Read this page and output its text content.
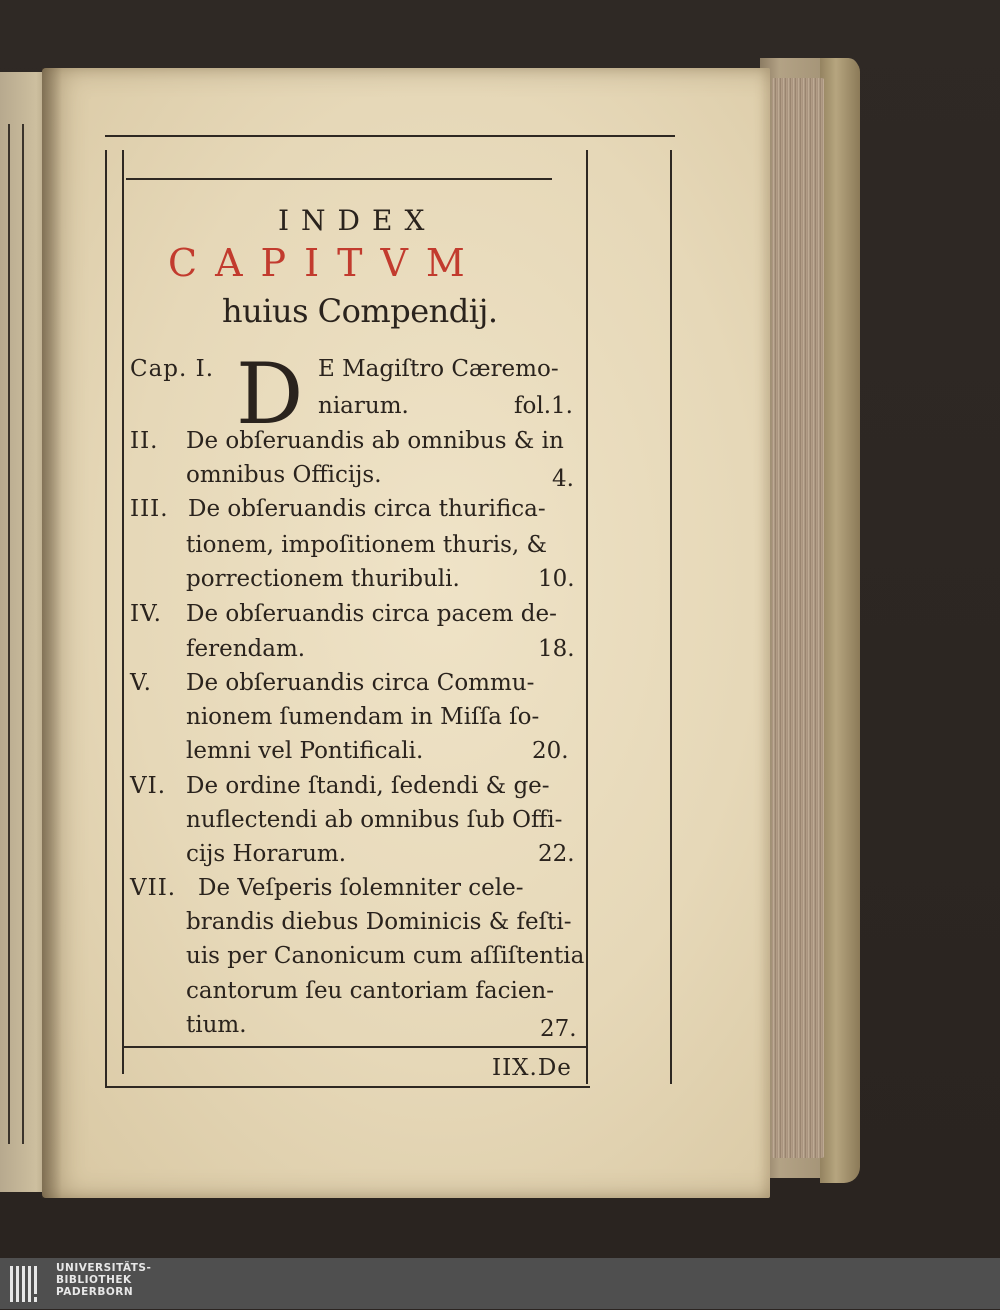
INDEX
CAPITVM
huius Compendij.
Cap. I. D E Magiſtro Cæremo-
niarum.	fol.1.
II. De obſeruandis ab omnibus & in
omnibus Officijs.	4.
III. De obſeruandis circa thurifica-
tionem, impoſitionem thuris, &
porrectionem thuribuli.	10.
IV. De obſeruandis circa pacem de-
ferendam.	18.
V. De obſeruandis circa Commu-
nionem ſumendam in Miſſa ſo-
lemni vel Pontificali.	20.
VI. De ordine ſtandi, ſedendi & ge-
nuflectendi ab omnibus ſub Offi-
cijs Horarum.	22.
VII. De Veſperis ſolemniter cele-
brandis diebus Dominicis & feſti-
uis per Canonicum cum aſſiſtentia
cantorum ſeu cantoriam facien-
tium.	27.
IIX.De
UNIVERSITÄTS-
BIBLIOTHEK
PADERBORN
